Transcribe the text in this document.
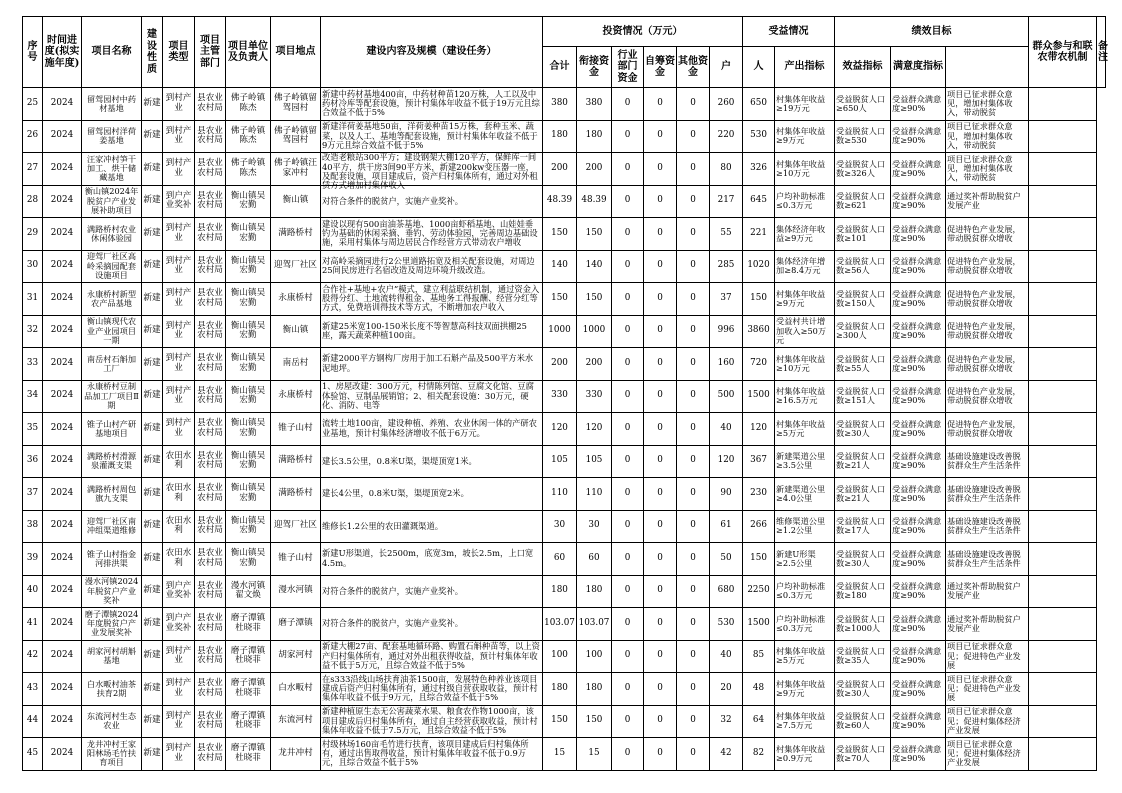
序号	时间进度(拟实施年度)	项目名称	建设性质	项目类型	项目主管部门	项目单位及负责人	项目地点	建设内容及规模（建设任务）	投资情况（万元）						受益情况		绩效目标			群众参与和联农带农机制	备注
									合计	衔接资金	行业部门资金	自筹资金	其他资金	户	人	产出指标	效益指标	满意度指标			

25	2024	留驾园村中药材基地	新建	到村产业	县农业农村局	佛子岭镇陈杰	佛子岭镇留驾园村	新建中药材基地400亩，中药材种苗120万株，人工以及中药材冷库等配套设施，预计村集体年收益不低于19万元且综合效益不低于5%	380	380	0	0	0	260	650	村集体年收益≥19万元	受益脱贫人口≥650人	受益群众满意度≥90%	项目已征求群众意见，增加村集体收入，带动脱贫		

26	2024	留驾园村洋荷姜基地	新建	到村产业	县农业农村局	佛子岭镇陈杰	佛子岭镇留驾园村	新建洋荷姜基地50亩，洋荷姜种苗15万株，套种玉米、蔬菜，以及人工、基地等配套设施，预计村集体年收益不低于9万元且综合效益不低于5%	180	180	0	0	0	220	530	村集体年收益≥9万元	受益脱贫人口数≥530	受益群众满意度≥90%	项目已征求群众意见，增加村集体收入，带动脱贫		

27	2024	汪家冲村笋干加工、烘干储藏基地	新建	到村产业	县农业农村局	佛子岭镇陈杰	佛子岭镇汪家冲村	改造老粮站300平方；建设钢架大棚120平方，保鲜库一间40平方，烘干房3间90平方米，新建200kw变压器一座，及配套设施，项目建成后，资产归村集体所有，通过对外租赁方式增加村集体收入	200	200	0	0	0	80	326	村集体年收益≥10万元	受益脱贫人口数≥326人	受益群众满意度≥90%	项目已征求群众意见，增加村集体收入，带动脱贫		

28	2024	衡山镇2024年脱贫户产业发展补助项目	新建	到户产业奖补	县农业农村局	衡山镇吴宏勤	衡山镇	对符合条件的脱贫户，实施产业奖补。	48.39	48.39	0	0	0	217	645	户均补助标准≤0.3万元	受益脱贫人口数≥621	受益群众满意度≥90%	通过奖补帮助脱贫户发展产业		

29	2024	满路桥村农业休闲体验园	新建	到村产业	县农业农村局	衡山镇吴宏勤	满路桥村	建设以现有500亩油茶基地、1000亩虾稻基地、山娃娃垂钓为基础的休闲采摘、垂钓、劳动体验园，完善周边基础设施，采用村集体与周边居民合作经营方式带动农户增收	150	150	0	0	0	55	221	集体经济年收益≥9万元	受益脱贫人口数≥101	受益群众满意度≥90%	促进特色产业发展，带动脱贫群众增收		

30	2024	迎驾厂社区高岭采摘园配套设施项目	新建	到村产业	县农业农村局	衡山镇吴宏勤	迎驾厂社区	对高岭采摘园进行2公里道路拓宽及相关配套设施，对周边25间民房进行名宿改造及周边环境升级改造。	140	140	0	0	0	285	1020	集体经济年增加≥8.4万元	受益脱贫人口数≥56人	受益群众满意度≥90%	促进特色产业发展，带动脱贫群众增收		

31	2024	永康桥村新型农产品基地	新建	到村产业	县农业农村局	衡山镇吴宏勤	永康桥村	合作社+基地+农户”模式，建立利益联结机制，通过资金入股得分红、土地流转得租金、基地务工得报酬、经营分红等方式，免费培训得技术等方式，不断增加农户收入	150	150	0	0	0	37	150	村集体年收益≥9万元	受益脱贫人口数≥150人	受益群众满意度≥90%	促进特色产业发展，带动脱贫群众增收		

32	2024	衡山镇现代农业产业园项目一期	新建	到村产业	县农业农村局	衡山镇吴宏勤	衡山镇	新建25米宽100-150米长度不等智慧高科技双面拱棚25座，露天蔬菜种植100亩。	1000	1000	0	0	0	996	3860	受益村共计增加收入≥50万元	受益脱贫人口≥300人	受益群众满意度≥90%	促进特色产业发展，带动脱贫群众增收		

33	2024	南岳村石斛加工厂	新建	到村产业	县农业农村局	衡山镇吴宏勤	南岳村	新建2000平方钢构厂房用于加工石斛产品及500平方米水泥地坪。	200	200	0	0	0	160	720	村集体年收益≥10万元	受益脱贫人口数≥55人	受益群众满意度≥90%	促进特色产业发展，带动脱贫群众增收		

34	2024	永康桥村豆制品加工厂项目Ⅱ期	新建	到村产业	县农业农村局	衡山镇吴宏勤	永康桥村	1、房屋改建：300万元，村情陈列馆、豆腐文化馆、豆腐体验馆、豆制品展销馆；2、相关配套设施：30万元，硬化、消防、电等	330	330	0	0	0	500	1500	村集体年收益≥16.5万元	受益脱贫人口数≥151人	受益群众满意度≥90%	促进特色产业发展，带动脱贫群众增收		

35	2024	锥子山村产研基地项目	新建	到村产业	县农业农村局	衡山镇吴宏勤	锥子山村	流转土地100亩，建设种植、养殖、农业休闲一体的产研农业基地，预计村集体经济增收不低于6万元。	120	120	0	0	0	40	120	村集体年收益≥5万元	受益脱贫人口数≥30人	受益群众满意度≥90%	促进特色产业发展，带动脱贫群众增收		

36	2024	满路桥村滑源泉灌溉支渠	新建	农田水利	县农业农村局	衡山镇吴宏勤	满路桥村	建长3.5公里，0.8米U渠，渠堤顶宽1米。	105	105	0	0	0	120	367	新建渠道公里≥3.5公里	受益脱贫人口数≥21人	受益群众满意度≥90%	基础设施建设改善脱贫群众生产生活条件		

37	2024	满路桥村周包旗九支渠	新建	农田水利	县农业农村局	衡山镇吴宏勤	满路桥村	建长4公里，0.8米U渠，渠堤顶宽2米。	110	110	0	0	0	90	230	新建渠道公里≥4.0公里	受益脱贫人口数≥21人	受益群众满意度≥90%	基础设施建设改善脱贫群众生产生活条件		

38	2024	迎驾厂社区南冲组渠道维修	新建	农田水利	县农业农村局	衡山镇吴宏勤	迎驾厂社区	维修长1.2公里的农田灌溉渠道。	30	30	0	0	0	61	266	维修渠道公里≥1.2公里	受益脱贫人口数≥17人	受益群众满意度≥90%	基础设施建设改善脱贫群众生产生活条件		

39	2024	锥子山村指金河排洪渠	新建	农田水利	县农业农村局	衡山镇吴宏勤	锥子山村	新建U形渠道，长2500m，底宽3m，坡长2.5m，上口宽4.5m。	60	60	0	0	0	50	150	新建U形渠≥2.5公里	受益脱贫人口数≥30人	受益群众满意度≥90%	基础设施建设改善脱贫群众生产生活条件		

40	2024	漫水河镇2024年脱贫户产业奖补	新建	到户产业奖补	县农业农村局	漫水河镇翟文焕	漫水河镇	对符合条件的脱贫户，实施产业奖补。	180	180	0	0	0	680	2250	户均补助标准≤0.3万元	受益脱贫人口数≥180	受益群众满意度≥90%	通过奖补帮助脱贫户发展产业		

41	2024	磨子潭镇2024年度脱贫户产业发展奖补	新建	到户产业奖补	县农业农村局	磨子潭镇杜晓菲	磨子潭镇	对符合条件的脱贫户，实施产业奖补。	103.07	103.07	0	0	0	530	1500	户均补助标准≤0.3万元	受益脱贫人口数≥1000人	受益群众满意度≥90%	通过奖补帮助脱贫户发展产业		

42	2024	胡家河村胡斛基地	新建	到村产业	县农业农村局	磨子潭镇杜晓菲	胡家河村	新建大棚27亩、配套基地循环路、购置石斛种苗等，以上资产归村集体所有，通过对外出租获得收益，预计村集体年收益不低于5万元，且综合效益不低于5%	100	100	0	0	0	40	85	村集体年收益≥5万元	受益脱贫人口数≥35人	受益群众满意度≥90%	项目已征求群众意见；促进特色产业发展		

43	2024	白水畈村油茶扶育2期	新建	到村产业	县农业农村局	磨子潭镇杜晓菲	白水畈村	在s333沿线山场扶育油茶1500亩，发展特色种养业该项目建成后资产归村集体所有，通过村级自营获取收益，预计村集体年收益不低于9万元，且综合效益不低于5%	180	180	0	0	0	20	48	村集体年收益≥9万元	受益脱贫人口数≥30人	受益群众满意度≥90%	项目已征求群众意见；促进特色产业发展		

44	2024	东流河村生态农业	新建	到村产业	县农业农村局	磨子潭镇杜晓菲	东流河村	新建种植原生态无公害蔬菜水果、粮食农作物1000亩，该项目建成后归村集体所有，通过自主经营获取收益，预计村集体年收益不低于7.5万元，且综合效益不低于5%	150	150	0	0	0	32	64	村集体年收益≥7.5万元	受益脱贫人口数≥60人	受益群众满意度≥90%	项目已征求群众意见；促进村集体经济产业发展		

45	2024	龙井冲村王家阳林场毛竹扶育项目	新建	到村产业	县农业农村局	磨子潭镇杜晓菲	龙井冲村	村级林场160亩毛竹进行扶育，该项目建成后归村集体所有，通过出售取得收益，预计村集体年收益不低于0.9万元，且综合效益不低于5%	15	15	0	0	0	42	82	村集体年收益≥0.9万元	受益脱贫人口数≥70人	受益群众满意度≥90%	项目已征求群众意见；促进村集体经济产业发展		
